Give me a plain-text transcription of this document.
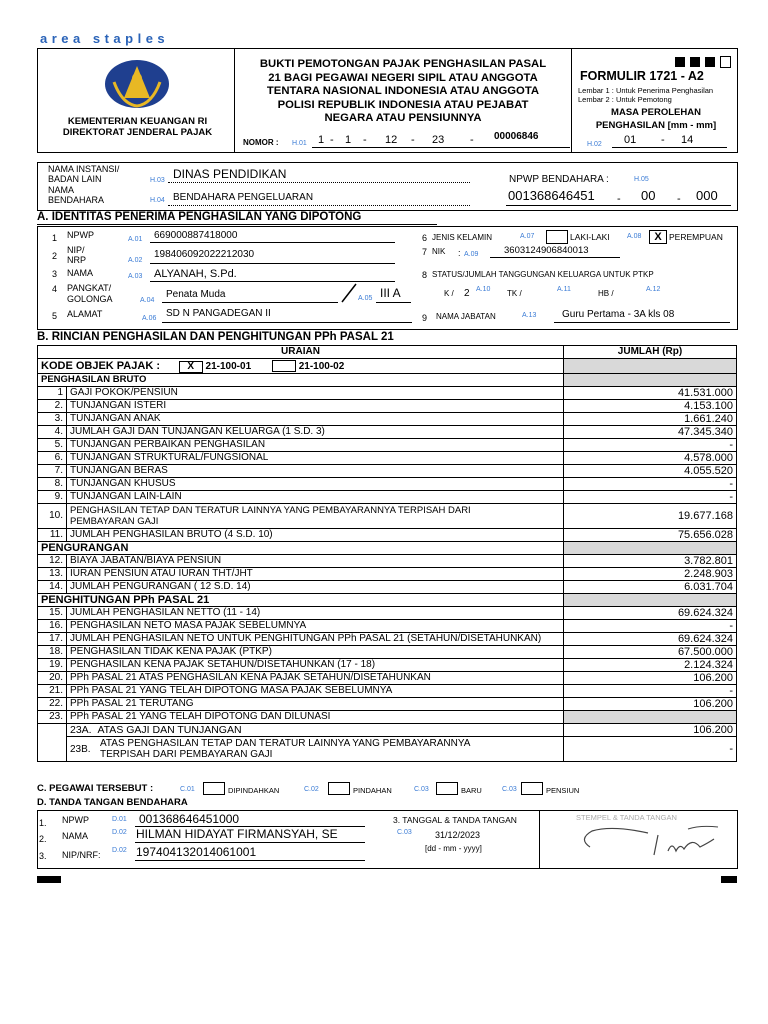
area staples
KEMENTERIAN KEUANGAN RI
DIREKTORAT JENDERAL PAJAK
BUKTI PEMOTONGAN PAJAK PENGHASILAN PASAL
21 BAGI PEGAWAI NEGERI SIPIL ATAU ANGGOTA
TENTARA NASIONAL INDONESIA ATAU ANGGOTA
POLISI REPUBLIK INDONESIA ATAU PEJABAT
NEGARA ATAU PENSIUNNYA
NOMOR : H.01 1 - 1 - 12 - 23 - 00006846
FORMULIR 1721 - A2
Lembar 1 : Untuk Penerima Penghasilan
Lembar 2 : Untuk Pemotong
MASA PEROLEHAN
PENGHASILAN [mm - mm]
H.02 01 - 14
NAMA INSTANSI/
BADAN LAIN	H.03 DINAS PENDIDIKAN
NAMA
BENDAHARA	H.04 BENDAHARA PENGELUARAN
NPWP BENDAHARA :	H.05
001368646451 - 00 - 000
A. IDENTITAS PENERIMA PENGHASILAN YANG DIPOTONG
1 NPWP	A.01 669000887418000
2
NIP/
NRP	A.02
198406092022212030
3 NAMA	A.03 ALYANAH, S.Pd.
4 PANGKAT/
GOLONGA	A.04
Penata Muda	A.05 III A
5 ALAMAT	A.06 SD N PANGADEGAN II
6 JENIS KELAMIN	A.07	LAKI-LAKI A.08	X PEREMPUAN
7 NIK : A.09	3603124906840013
8 STATUS/JUMLAH TANGGUNGAN KELUARGA UNTUK PTKP
K / 2 A.10 TK /	A.11	HB /	A.12
9 NAMA JABATAN	A.13	Guru Pertama - 3A kls 08
B. RINCIAN PENGHASILAN DAN PENGHITUNGAN PPh PASAL 21
URAIAN		JUMLAH (Rp)
KODE OBJEK PAJAK : X 21-100-01 21-100-02		
PENGHASILAN BRUTO		
1	GAJI POKOK/PENSIUN	41.531.000
2.	TUNJANGAN ISTERI	4.153.100
3.	TUNJANGAN ANAK	1.661.240
4.	JUMLAH GAJI DAN TUNJANGAN KELUARGA (1 S.D. 3)	47.345.340
5.	TUNJANGAN PERBAIKAN PENGHASILAN	-
6.	TUNJANGAN STRUKTURAL/FUNGSIONAL	4.578.000
7.	TUNJANGAN BERAS	4.055.520
8.	TUNJANGAN KHUSUS	-
9.	TUNJANGAN LAIN-LAIN	-
10.	PENGHASILAN TETAP DAN TERATUR LAINNYA YANG PEMBAYARANNYA TERPISAH DARI
PEMBAYARAN GAJI	19.677.168
11.	JUMLAH PENGHASILAN BRUTO (4 S.D. 10)	75.656.028
PENGURANGAN		
12.	BIAYA JABATAN/BIAYA PENSIUN	3.782.801
13.	IURAN PENSIUN ATAU IURAN THT/JHT	2.248.903
14.	JUMLAH PENGURANGAN ( 12 S.D. 14)	6.031.704
PENGHITUNGAN PPh PASAL 21		
15.	JUMLAH PENGHASILAN NETTO (11 - 14)	69.624.324
16.	PENGHASILAN NETO MASA PAJAK SEBELUMNYA	-
17.	JUMLAH PENGHASILAN NETO UNTUK PENGHITUNGAN PPh PASAL 21 (SETAHUN/DISETAHUNKAN)	69.624.324
18.	PENGHASILAN TIDAK KENA PAJAK (PTKP)	67.500.000
19.	PENGHASILAN KENA PAJAK SETAHUN/DISETAHUNKAN (17 - 18)	2.124.324
20.	PPh PASAL 21 ATAS PENGHASILAN KENA PAJAK SETAHUN/DISETAHUNKAN	106.200
21.	PPh PASAL 21 YANG TELAH DIPOTONG MASA PAJAK SEBELUMNYA	-
22.	PPh PASAL 21 TERUTANG	106.200
23.	PPh PASAL 21 YANG TELAH DIPOTONG DAN DILUNASI	
	23A. ATAS GAJI DAN TUNJANGAN	106.200

	23B.
ATAS PENGHASILAN TETAP DAN TERATUR LAINNYA YANG PEMBAYARANNYA
TERPISAH DARI PEMBAYARAN GAJI	-
C. PEGAWAI TERSEBUT :	C.01	DIPINDAHKAN	C.02	PINDAHAN	C.03	BARU	C.03	PENSIUN
D. TANDA TANGAN BENDAHARA
1. NPWP	D.01 001368646451000
2. NAMA	D.02 HILMAN HIDAYAT FIRMANSYAH, SE
3. NIP/NRF: D.02 197404132014061001
3. TANGGAL & TANDA TANGAN
C.03	31/12/2023
[dd - mm - yyyy]
STEMPEL & TANDA TANGAN
